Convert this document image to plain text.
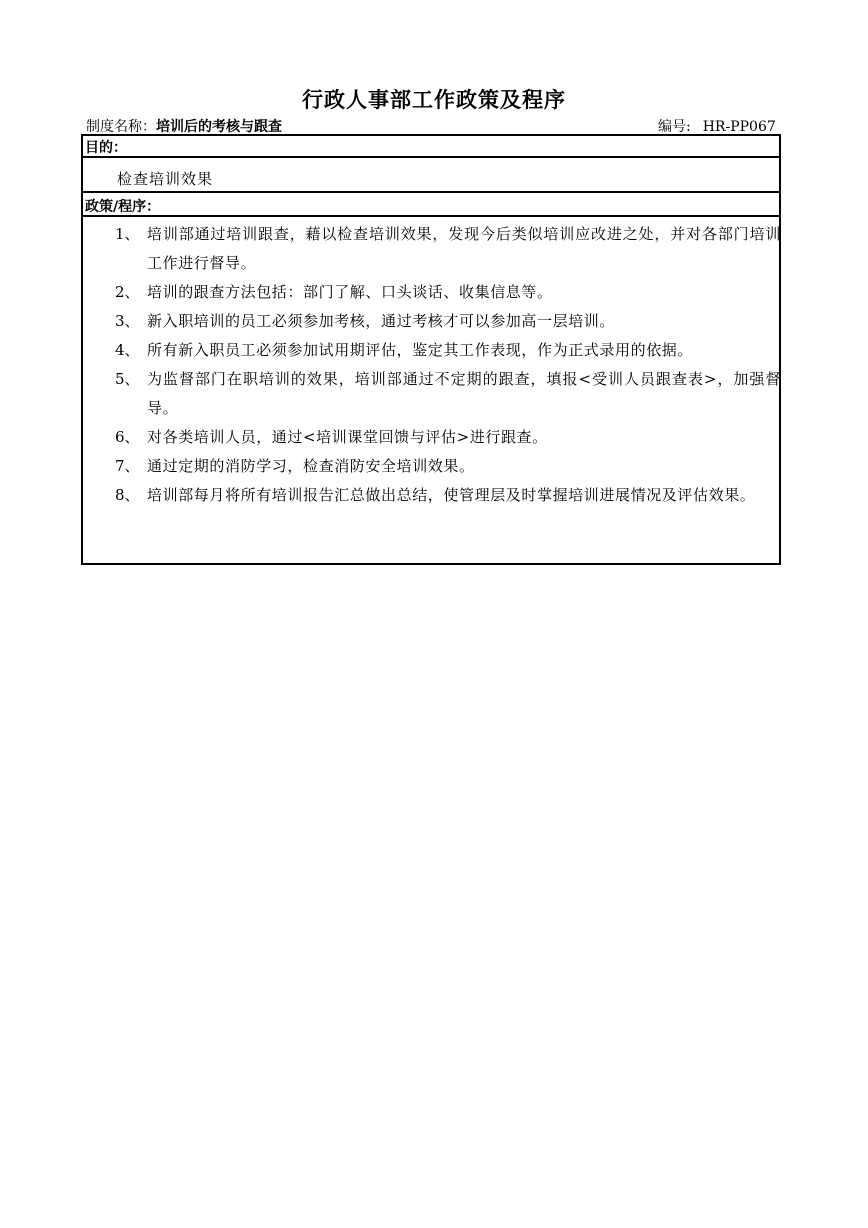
行政人事部工作政策及程序
制度名称：培训后的考核与跟查	编号: HR-PP067
目的：
检查培训效果
政策/程序：
1、 培训部通过培训跟查，藉以检查培训效果，发现今后类似培训应改进之处，并对各部门培训工作进行督导。
2、 培训的跟查方法包括：部门了解、口头谈话、收集信息等。
3、 新入职培训的员工必须参加考核，通过考核才可以参加高一层培训。
4、 所有新入职员工必须参加试用期评估，鉴定其工作表现，作为正式录用的依据。
5、 为监督部门在职培训的效果，培训部通过不定期的跟查，填报<受训人员跟查表>，加强督导。
6、 对各类培训人员，通过<培训课堂回馈与评估>进行跟查。
7、 通过定期的消防学习，检查消防安全培训效果。
8、 培训部每月将所有培训报告汇总做出总结，使管理层及时掌握培训进展情况及评估效果。
